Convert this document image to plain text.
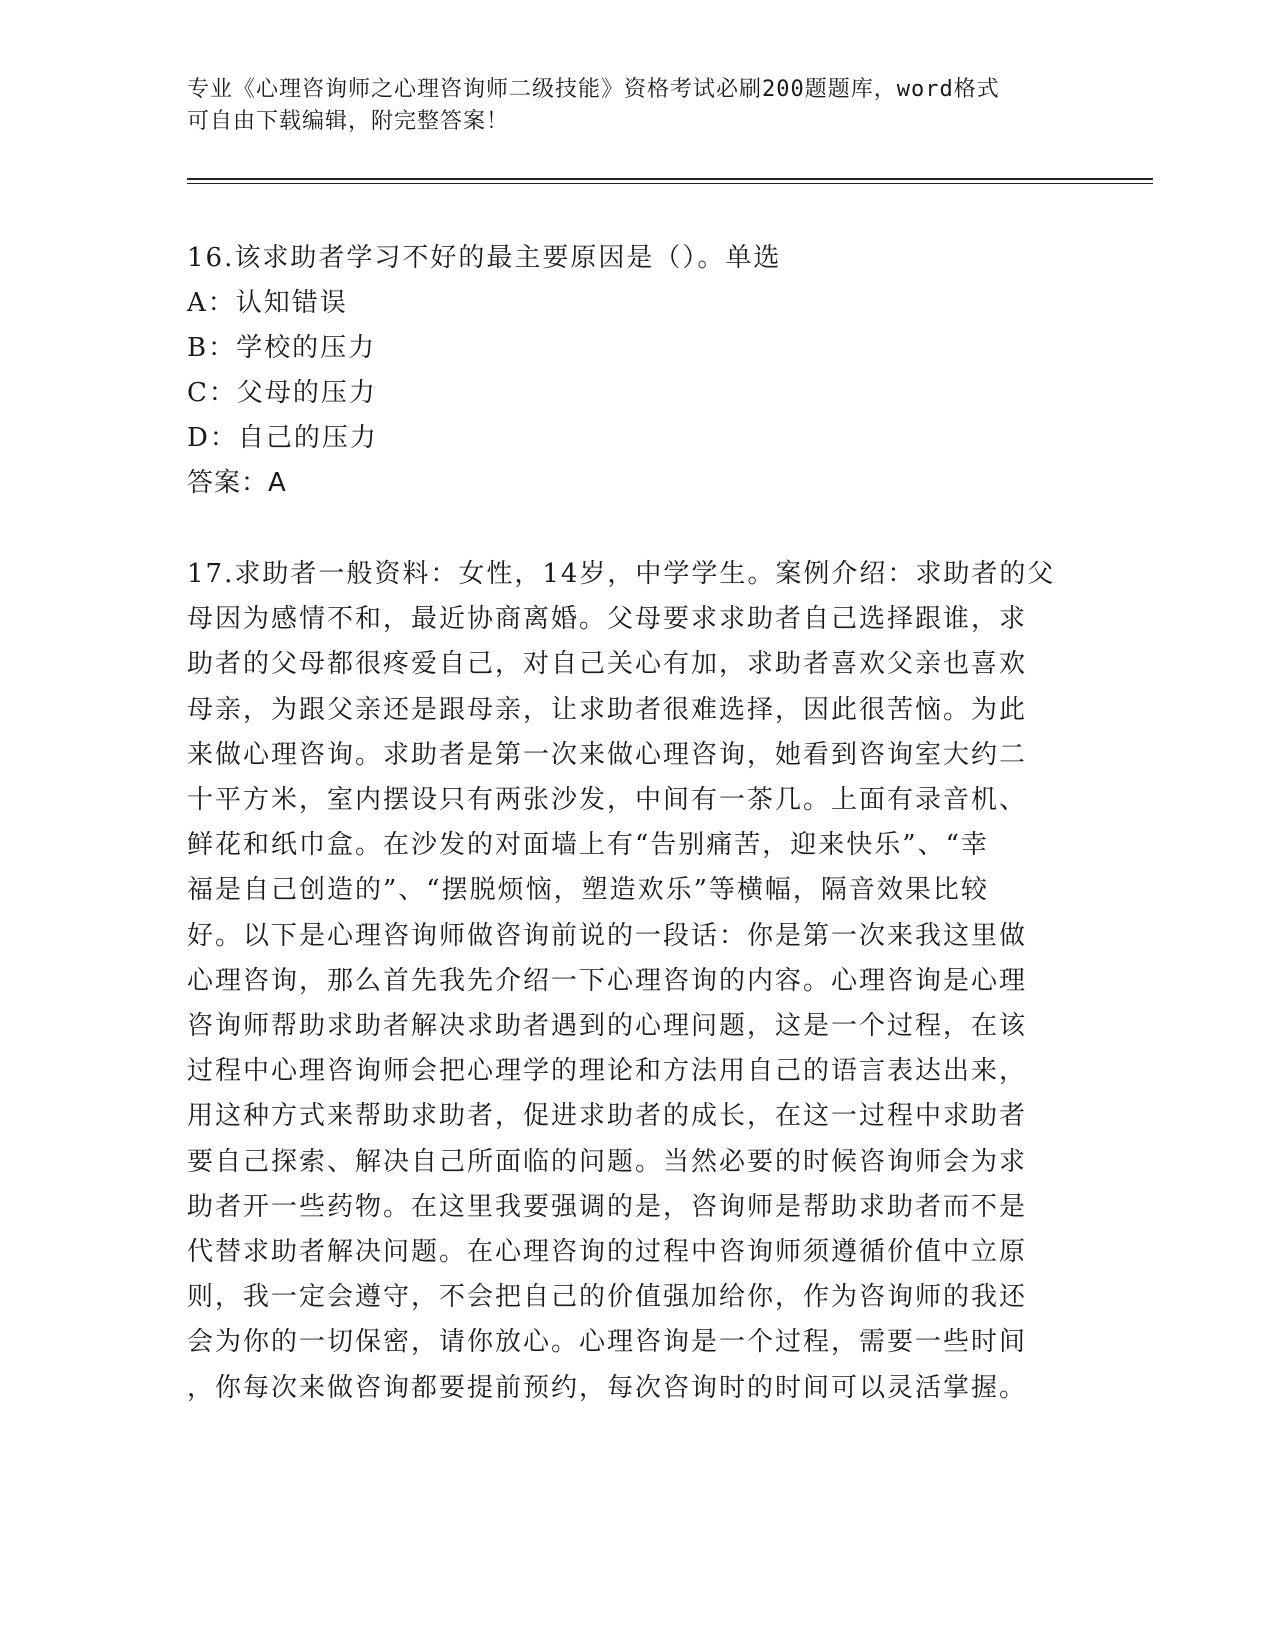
专业《心理咨询师之心理咨询师二级技能》资格考试必刷200题题库，word格式
可自由下载编辑，附完整答案！
16.该求助者学习不好的最主要原因是（）。单选
A：认知错误
B：学校的压力
C：父母的压力
D：自己的压力
答案：A
17.求助者一般资料：女性，14岁，中学学生。案例介绍：求助者的父
母因为感情不和，最近协商离婚。父母要求求助者自己选择跟谁，求
助者的父母都很疼爱自己，对自己关心有加，求助者喜欢父亲也喜欢
母亲，为跟父亲还是跟母亲，让求助者很难选择，因此很苦恼。为此
来做心理咨询。求助者是第一次来做心理咨询，她看到咨询室大约二
十平方米，室内摆设只有两张沙发，中间有一茶几。上面有录音机、
鲜花和纸巾盒。在沙发的对面墙上有“告别痛苦，迎来快乐”、“幸
福是自己创造的”、“摆脱烦恼，塑造欢乐”等横幅，隔音效果比较
好。以下是心理咨询师做咨询前说的一段话：你是第一次来我这里做
心理咨询，那么首先我先介绍一下心理咨询的内容。心理咨询是心理
咨询师帮助求助者解决求助者遇到的心理问题，这是一个过程，在该
过程中心理咨询师会把心理学的理论和方法用自己的语言表达出来，
用这种方式来帮助求助者，促进求助者的成长，在这一过程中求助者
要自己探索、解决自己所面临的问题。当然必要的时候咨询师会为求
助者开一些药物。在这里我要强调的是，咨询师是帮助求助者而不是
代替求助者解决问题。在心理咨询的过程中咨询师须遵循价值中立原
则，我一定会遵守，不会把自己的价值强加给你，作为咨询师的我还
会为你的一切保密，请你放心。心理咨询是一个过程，需要一些时间
，你每次来做咨询都要提前预约，每次咨询时的时间可以灵活掌握。
